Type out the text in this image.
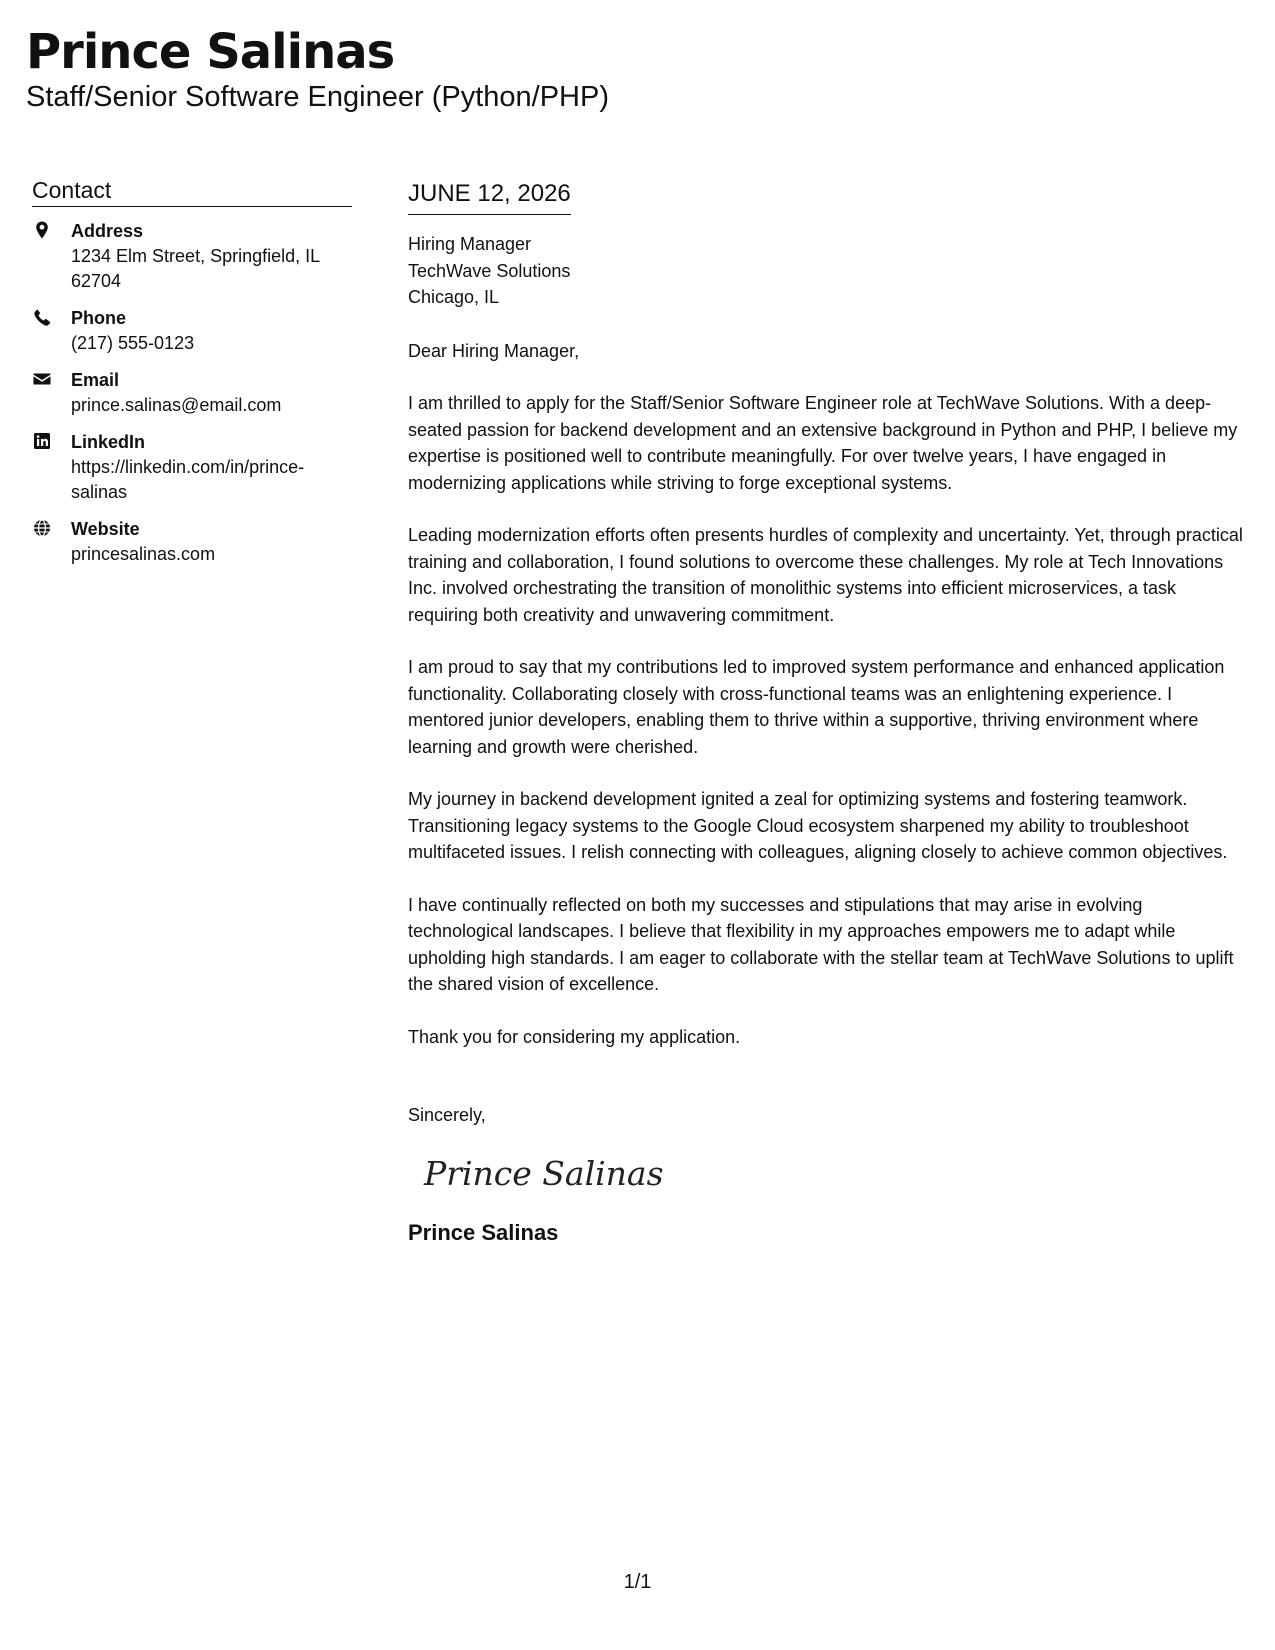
Prince Salinas
Staff/Senior Software Engineer (Python/PHP)
Contact
Address
1234 Elm Street, Springfield, IL 62704
Phone
(217) 555-0123
Email
prince.salinas@email.com
LinkedIn
https://linkedin.com/in/prince-salinas
Website
princesalinas.com
JUNE 12, 2026
Hiring Manager
TechWave Solutions
Chicago, IL
Dear Hiring Manager,

I am thrilled to apply for the Staff/Senior Software Engineer role at TechWave Solutions. With a deep-seated passion for backend development and an extensive background in Python and PHP, I believe my expertise is positioned well to contribute meaningfully. For over twelve years, I have engaged in modernizing applications while striving to forge exceptional systems.

Leading modernization efforts often presents hurdles of complexity and uncertainty. Yet, through practical training and collaboration, I found solutions to overcome these challenges. My role at Tech Innovations Inc. involved orchestrating the transition of monolithic systems into efficient microservices, a task requiring both creativity and unwavering commitment.

I am proud to say that my contributions led to improved system performance and enhanced application functionality. Collaborating closely with cross-functional teams was an enlightening experience. I mentored junior developers, enabling them to thrive within a supportive, thriving environment where learning and growth were cherished.

My journey in backend development ignited a zeal for optimizing systems and fostering teamwork. Transitioning legacy systems to the Google Cloud ecosystem sharpened my ability to troubleshoot multifaceted issues. I relish connecting with colleagues, aligning closely to achieve common objectives.

I have continually reflected on both my successes and stipulations that may arise in evolving technological landscapes. I believe that flexibility in my approaches empowers me to adapt while upholding high standards. I am eager to collaborate with the stellar team at TechWave Solutions to uplift the shared vision of excellence.

Thank you for considering my application.

Sincerely,
Prince Salinas
Prince Salinas
1/1
